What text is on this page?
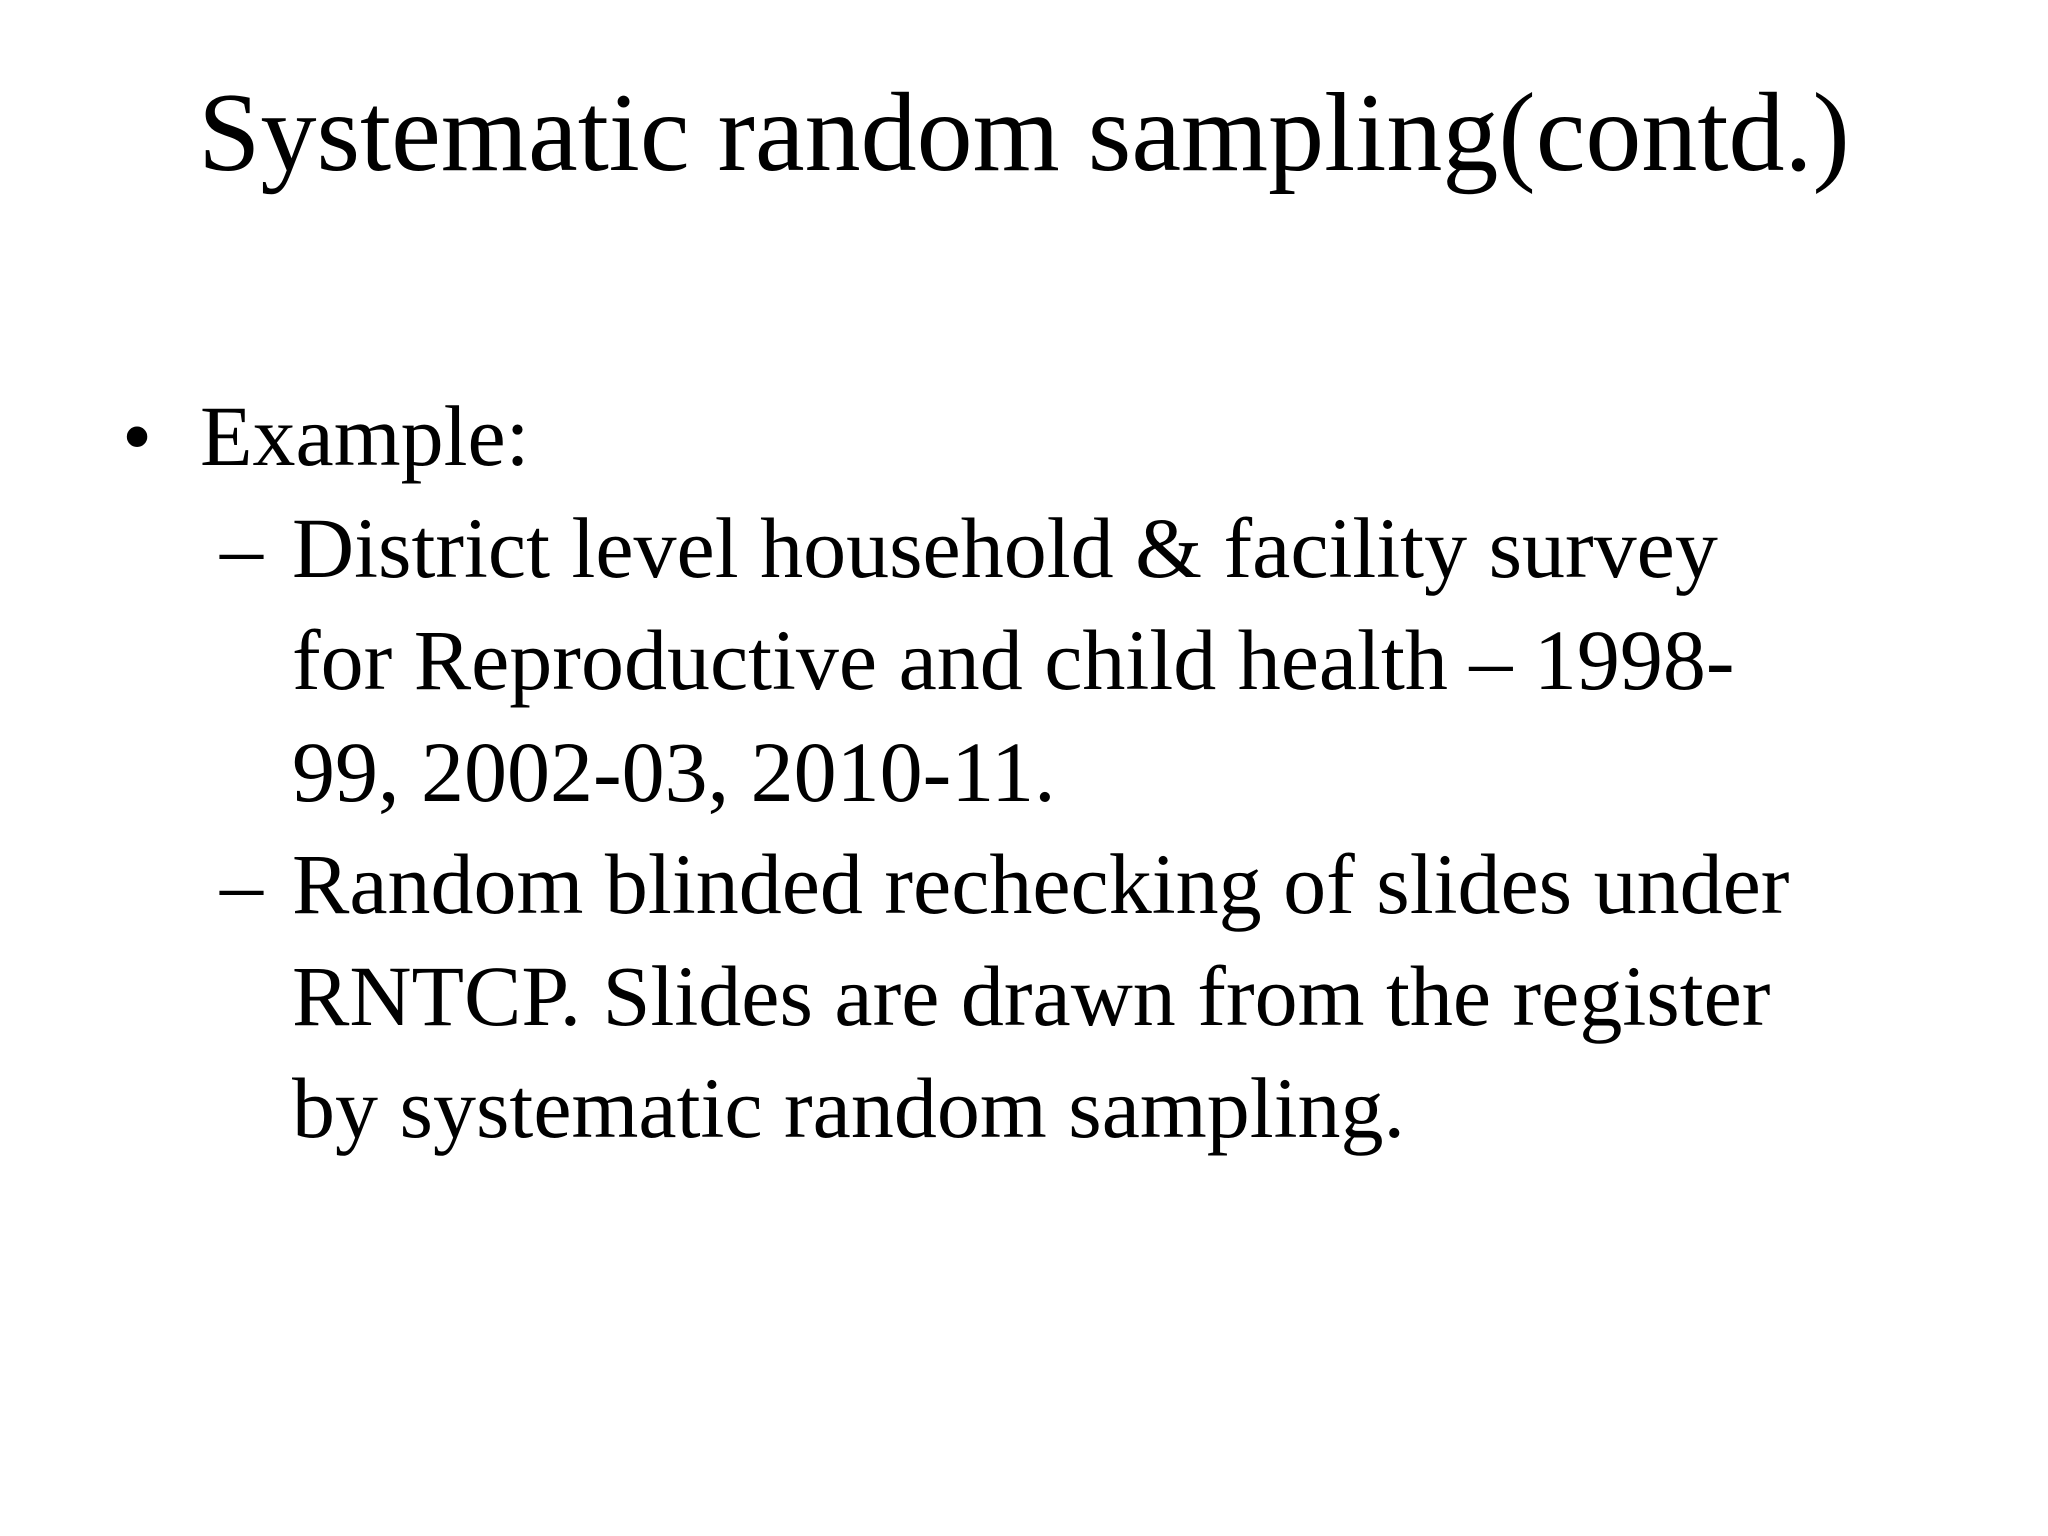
Systematic random sampling(contd.)
• Example:
– District level household & facility survey
for Reproductive and child health – 1998-
99, 2002-03, 2010-11.
– Random blinded rechecking of slides under
RNTCP. Slides are drawn from the register
by systematic random sampling.
